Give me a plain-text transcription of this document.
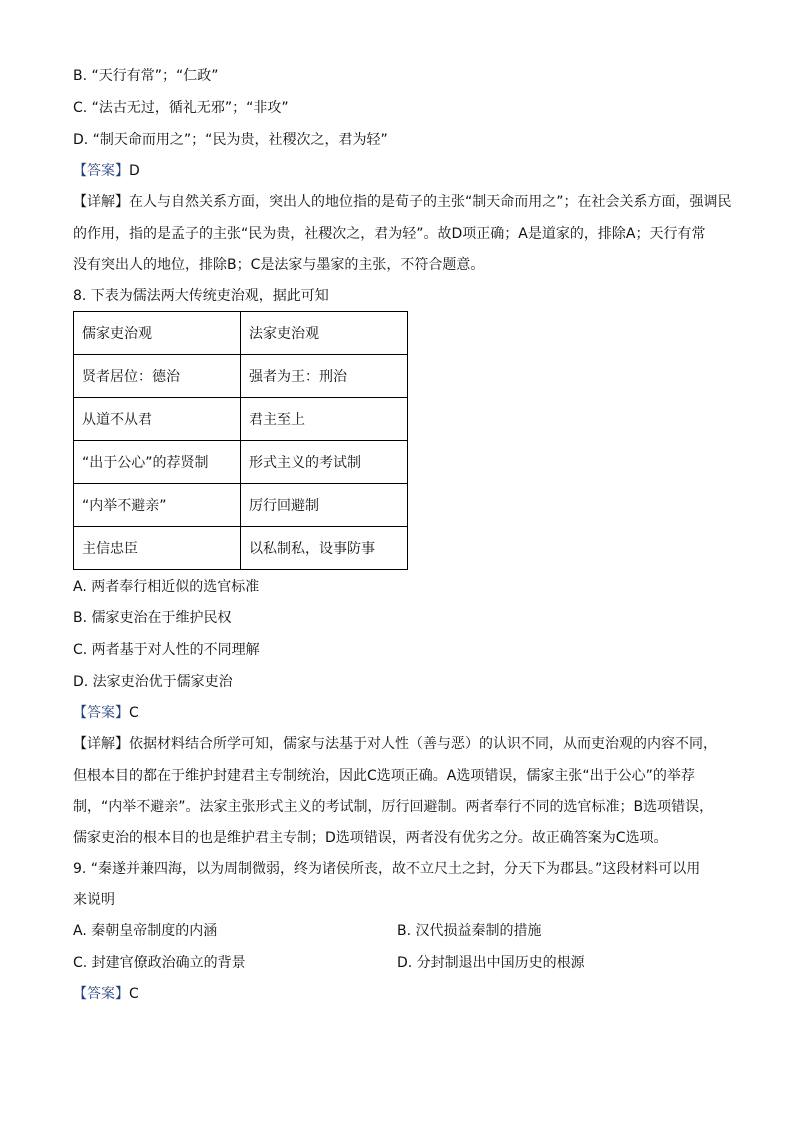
B. “天行有常”；“仁政”
C. “法古无过，循礼无邪”；“非攻”
D. “制天命而用之”；“民为贵，社稷次之，君为轻”
【答案】D
【详解】在人与自然关系方面，突出人的地位指的是荀子的主张“制天命而用之”；在社会关系方面，强调民
的作用，指的是孟子的主张“民为贵，社稷次之，君为轻”。故D项正确；A是道家的，排除A；天行有常
没有突出人的地位，排除B；C是法家与墨家的主张，不符合题意。
8. 下表为儒法两大传统吏治观，据此可知
儒家吏治观	法家吏治观
贤者居位：德治	强者为王：刑治
从道不从君	君主至上
“出于公心”的荐贤制	形式主义的考试制
“内举不避亲”	厉行回避制
主信忠臣	以私制私，设事防事
A. 两者奉行相近似的选官标准
B. 儒家吏治在于维护民权
C. 两者基于对人性的不同理解
D. 法家吏治优于儒家吏治
【答案】C
【详解】依据材料结合所学可知，儒家与法基于对人性（善与恶）的认识不同，从而吏治观的内容不同，
但根本目的都在于维护封建君主专制统治，因此C选项正确。A选项错误，儒家主张“出于公心”的举荐
制，“内举不避亲”。法家主张形式主义的考试制，厉行回避制。两者奉行不同的选官标准；B选项错误，
儒家吏治的根本目的也是维护君主专制；D选项错误，两者没有优劣之分。故正确答案为C选项。
9. “秦遂并兼四海，以为周制微弱，终为诸侯所丧，故不立尺土之封，分天下为郡县。”这段材料可以用
来说明
A. 秦朝皇帝制度的内涵	B. 汉代损益秦制的措施
C. 封建官僚政治确立的背景	D. 分封制退出中国历史的根源
【答案】C
